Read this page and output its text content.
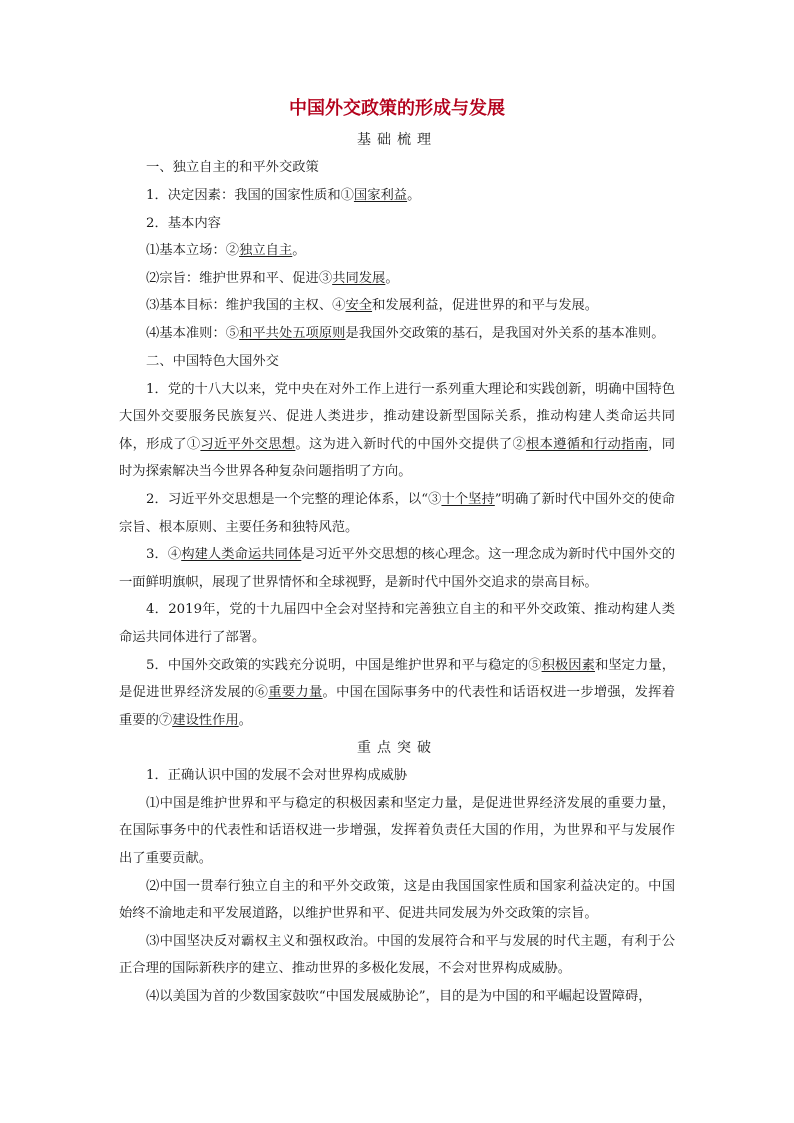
中国外交政策的形成与发展
基础梳理

一、独立自主的和平外交政策

1．决定因素：我国的国家性质和①国家利益。

2．基本内容

⑴基本立场：②独立自主。

⑵宗旨：维护世界和平、促进③共同发展。

⑶基本目标：维护我国的主权、④安全和发展利益，促进世界的和平与发展。

⑷基本准则：⑤和平共处五项原则是我国外交政策的基石，是我国对外关系的基本准则。

二、中国特色大国外交

1．党的十八大以来，党中央在对外工作上进行一系列重大理论和实践创新，明确中国特色大国外交要服务民族复兴、促进人类进步，推动建设新型国际关系，推动构建人类命运共同体，形成了①习近平外交思想。这为进入新时代的中国外交提供了②根本遵循和行动指南，同时为探索解决当今世界各种复杂问题指明了方向。

2．习近平外交思想是一个完整的理论体系，以“③十个坚持”明确了新时代中国外交的使命宗旨、根本原则、主要任务和独特风范。

3．④构建人类命运共同体是习近平外交思想的核心理念。这一理念成为新时代中国外交的一面鲜明旗帜，展现了世界情怀和全球视野，是新时代中国外交追求的崇高目标。

4．2019年，党的十九届四中全会对坚持和完善独立自主的和平外交政策、推动构建人类命运共同体进行了部署。

5．中国外交政策的实践充分说明，中国是维护世界和平与稳定的⑤积极因素和坚定力量，是促进世界经济发展的⑥重要力量。中国在国际事务中的代表性和话语权进一步增强，发挥着重要的⑦建设性作用。

重点突破

1．正确认识中国的发展不会对世界构成威胁

⑴中国是维护世界和平与稳定的积极因素和坚定力量，是促进世界经济发展的重要力量，在国际事务中的代表性和话语权进一步增强，发挥着负责任大国的作用，为世界和平与发展作出了重要贡献。

⑵中国一贯奉行独立自主的和平外交政策，这是由我国国家性质和国家利益决定的。中国始终不渝地走和平发展道路，以维护世界和平、促进共同发展为外交政策的宗旨。

⑶中国坚决反对霸权主义和强权政治。中国的发展符合和平与发展的时代主题，有利于公正合理的国际新秩序的建立、推动世界的多极化发展，不会对世界构成威胁。

⑷以美国为首的少数国家鼓吹“中国发展威胁论”，目的是为中国的和平崛起设置障碍，
